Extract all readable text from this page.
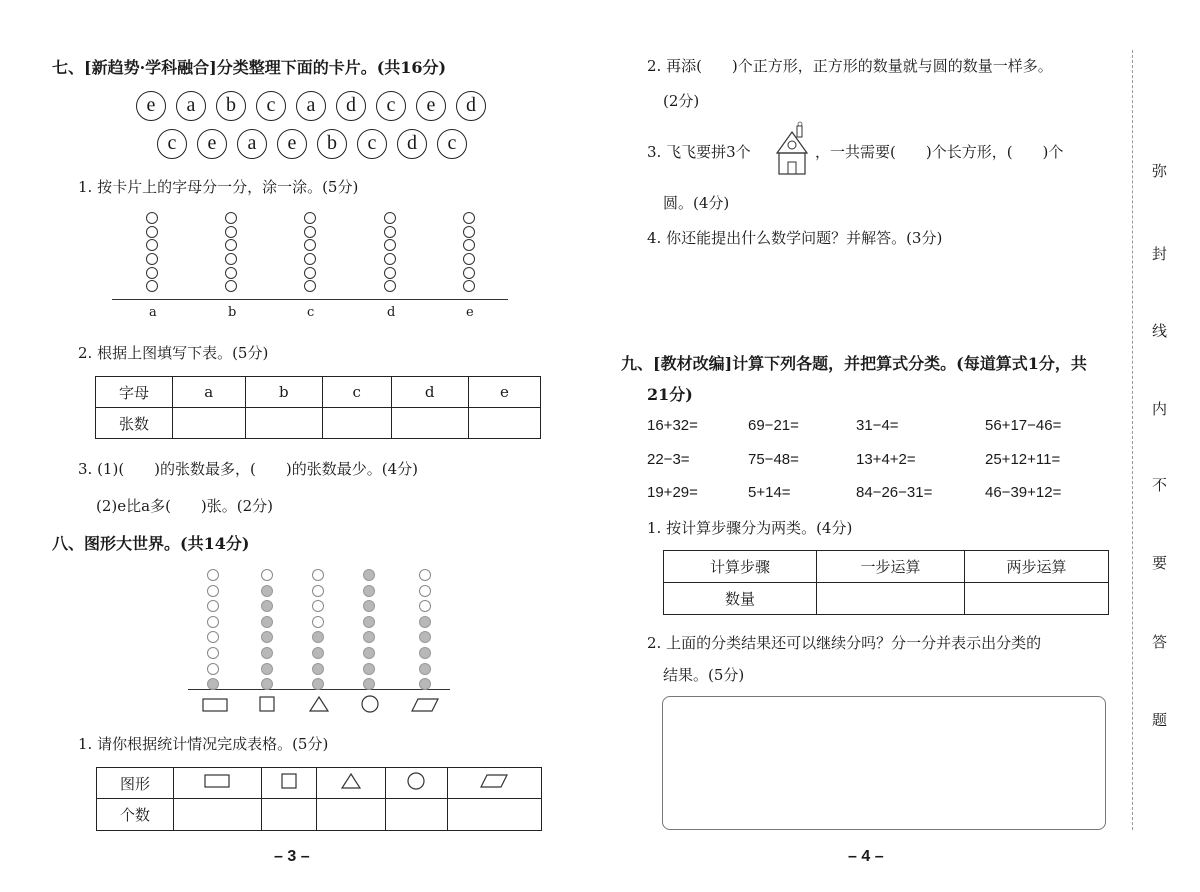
七、[新趋势·学科融合]分类整理下面的卡片。(共16分)
e	a	b	c	a	d	c	e	d
c	e	a	e	b	c	d	c
1. 按卡片上的字母分一分，涂一涂。(5分)
a	b	c	d	e
2. 根据上图填写下表。(5分)
字母	a	b	c	d	e
张数					
3. (1)(　　)的张数最多，(　　)的张数最少。(4分)
(2)e比a多(　　)张。(2分)
八、图形大世界。(共14分)
1. 请你根据统计情况完成表格。(5分)
图形					
个数					
– 3 –
2. 再添(　　)个正方形，正方形的数量就与圆的数量一样多。
(2分)
3. 飞飞要拼3个	，一共需要(　　)个长方形，(　　)个
圆。(4分)
4. 你还能提出什么数学问题？并解答。(3分)
九、[教材改编]计算下列各题，并把算式分类。(每道算式1分，共
21分)
16+32=	69−21=	31−4=	56+17−46=
22−3=	75−48=	13+4+2=	25+12+11=
19+29=	5+14=	84−26−31=	46−39+12=
1. 按计算步骤分为两类。(4分)
计算步骤	一步运算	两步运算
数量		
2. 上面的分类结果还可以继续分吗？分一分并表示出分类的
结果。(5分)
– 4 –
弥
封
线
内
不
要
答
题
